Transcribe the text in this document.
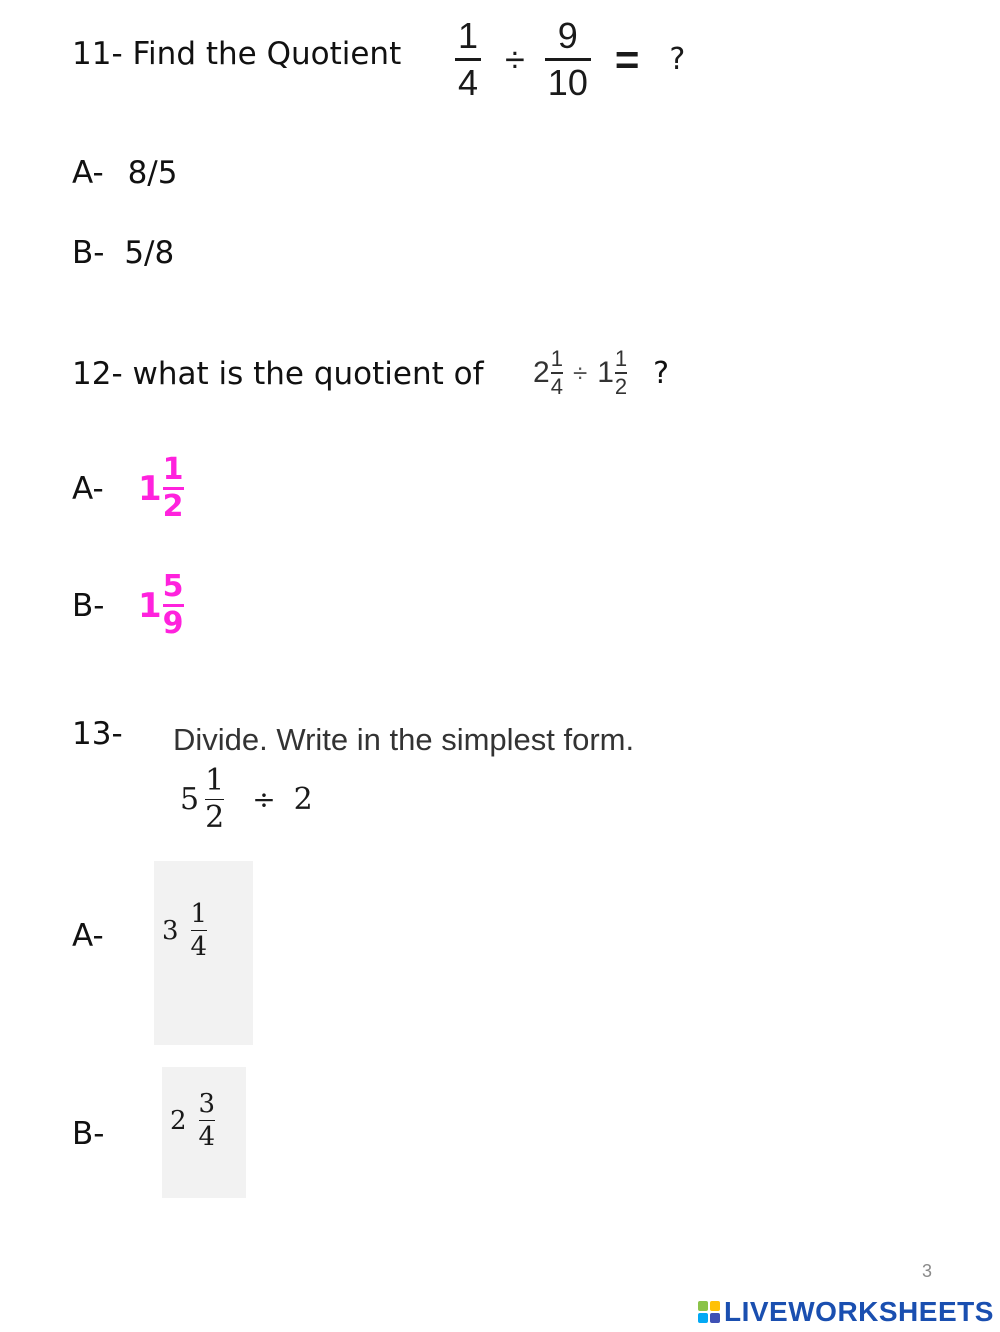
11- Find the Quotient $\frac{1}{4} \div \frac{9}{10}$ = ?
A- 8/5
B- 5/8
12- what is the quotient of $2 \frac{1}{4} \div 1 \frac{1}{2}$ ?
A-	$1 \frac{1}{2}$
B- $1 \frac{5}{9}$
13- Divide. Write in the simplest form.
$5 \frac{1}{2} \div 2$
A- $3 \frac{1}{4}$
B-	$2 \frac{3}{4}$
3
LIVEWORKSHEETS
